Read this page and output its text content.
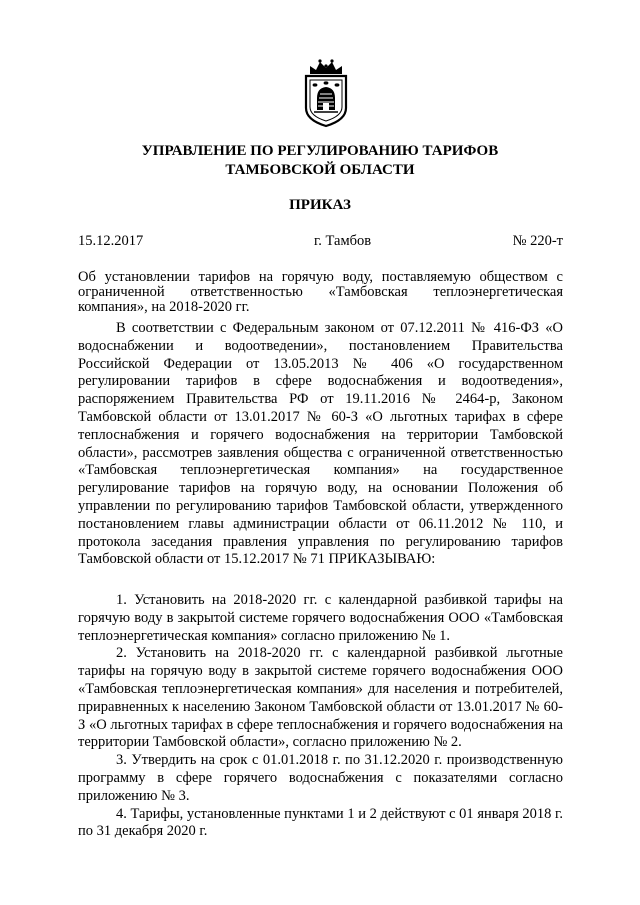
УПРАВЛЕНИЕ ПО РЕГУЛИРОВАНИЮ ТАРИФОВ
ТАМБОВСКОЙ ОБЛАСТИ
ПРИКАЗ
15.12.2017	г. Тамбов	№ 220-т
Об установлении тарифов на горячую воду, поставляемую обществом с ограниченной ответственностью «Тамбовская теплоэнергетическая компания», на 2018-2020 гг.

В соответствии с Федеральным законом от 07.12.2011 № 416-ФЗ «О водоснабжении и водоотведении», постановлением Правительства Российской Федерации от 13.05.2013 № 406 «О государственном регулировании тарифов в сфере водоснабжения и водоотведения», распоряжением Правительства РФ от 19.11.2016 № 2464-р, Законом Тамбовской области от 13.01.2017 № 60-З «О льготных тарифах в сфере теплоснабжения и горячего водоснабжения на территории Тамбовской области», рассмотрев заявления общества с ограниченной ответственностью «Тамбовская теплоэнергетическая компания» на государственное регулирование тарифов на горячую воду, на основании Положения об управлении по регулированию тарифов Тамбовской области, утвержденного постановлением главы администрации области от 06.11.2012 № 110, и протокола заседания правления управления по регулированию тарифов Тамбовской области от 15.12.2017 № 71 ПРИКАЗЫВАЮ:

1. Установить на 2018-2020 гг. с календарной разбивкой тарифы на горячую воду в закрытой системе горячего водоснабжения ООО «Тамбовская теплоэнергетическая компания» согласно приложению № 1.

2. Установить на 2018-2020 гг. с календарной разбивкой льготные тарифы на горячую воду в закрытой системе горячего водоснабжения ООО «Тамбовская теплоэнергетическая компания» для населения и потребителей, приравненных к населению Законом Тамбовской области от 13.01.2017 № 60-З «О льготных тарифах в сфере теплоснабжения и горячего водоснабжения на территории Тамбовской области», согласно приложению № 2.

3. Утвердить на срок с 01.01.2018 г. по 31.12.2020 г. производственную программу в сфере горячего водоснабжения с показателями согласно приложению № 3.

4. Тарифы, установленные пунктами 1 и 2 действуют с 01 января 2018 г. по 31 декабря 2020 г.
